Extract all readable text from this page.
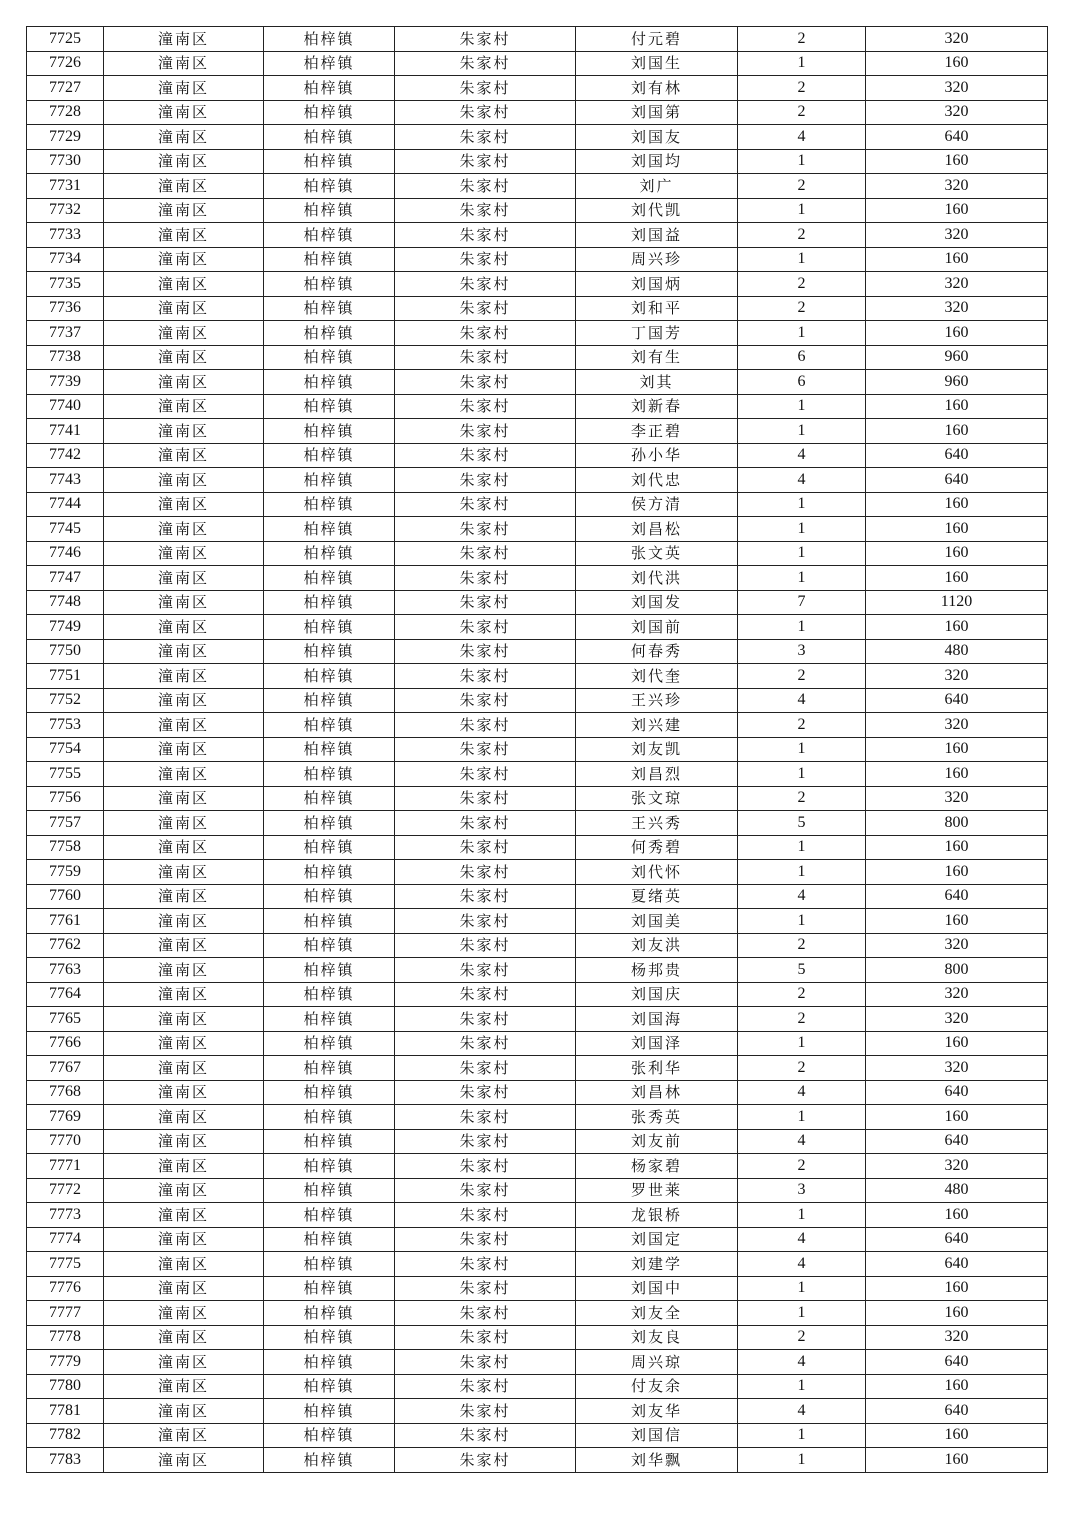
7725	潼南区	柏梓镇	朱家村	付元碧	2	320
7726	潼南区	柏梓镇	朱家村	刘国生	1	160
7727	潼南区	柏梓镇	朱家村	刘有林	2	320
7728	潼南区	柏梓镇	朱家村	刘国第	2	320
7729	潼南区	柏梓镇	朱家村	刘国友	4	640
7730	潼南区	柏梓镇	朱家村	刘国均	1	160
7731	潼南区	柏梓镇	朱家村	刘广	2	320
7732	潼南区	柏梓镇	朱家村	刘代凯	1	160
7733	潼南区	柏梓镇	朱家村	刘国益	2	320
7734	潼南区	柏梓镇	朱家村	周兴珍	1	160
7735	潼南区	柏梓镇	朱家村	刘国炳	2	320
7736	潼南区	柏梓镇	朱家村	刘和平	2	320
7737	潼南区	柏梓镇	朱家村	丁国芳	1	160
7738	潼南区	柏梓镇	朱家村	刘有生	6	960
7739	潼南区	柏梓镇	朱家村	刘其	6	960
7740	潼南区	柏梓镇	朱家村	刘新春	1	160
7741	潼南区	柏梓镇	朱家村	李正碧	1	160
7742	潼南区	柏梓镇	朱家村	孙小华	4	640
7743	潼南区	柏梓镇	朱家村	刘代忠	4	640
7744	潼南区	柏梓镇	朱家村	侯方清	1	160
7745	潼南区	柏梓镇	朱家村	刘昌松	1	160
7746	潼南区	柏梓镇	朱家村	张文英	1	160
7747	潼南区	柏梓镇	朱家村	刘代洪	1	160
7748	潼南区	柏梓镇	朱家村	刘国发	7	1120
7749	潼南区	柏梓镇	朱家村	刘国前	1	160
7750	潼南区	柏梓镇	朱家村	何春秀	3	480
7751	潼南区	柏梓镇	朱家村	刘代奎	2	320
7752	潼南区	柏梓镇	朱家村	王兴珍	4	640
7753	潼南区	柏梓镇	朱家村	刘兴建	2	320
7754	潼南区	柏梓镇	朱家村	刘友凯	1	160
7755	潼南区	柏梓镇	朱家村	刘昌烈	1	160
7756	潼南区	柏梓镇	朱家村	张文琼	2	320
7757	潼南区	柏梓镇	朱家村	王兴秀	5	800
7758	潼南区	柏梓镇	朱家村	何秀碧	1	160
7759	潼南区	柏梓镇	朱家村	刘代怀	1	160
7760	潼南区	柏梓镇	朱家村	夏绪英	4	640
7761	潼南区	柏梓镇	朱家村	刘国美	1	160
7762	潼南区	柏梓镇	朱家村	刘友洪	2	320
7763	潼南区	柏梓镇	朱家村	杨邦贵	5	800
7764	潼南区	柏梓镇	朱家村	刘国庆	2	320
7765	潼南区	柏梓镇	朱家村	刘国海	2	320
7766	潼南区	柏梓镇	朱家村	刘国泽	1	160
7767	潼南区	柏梓镇	朱家村	张利华	2	320
7768	潼南区	柏梓镇	朱家村	刘昌林	4	640
7769	潼南区	柏梓镇	朱家村	张秀英	1	160
7770	潼南区	柏梓镇	朱家村	刘友前	4	640
7771	潼南区	柏梓镇	朱家村	杨家碧	2	320
7772	潼南区	柏梓镇	朱家村	罗世莱	3	480
7773	潼南区	柏梓镇	朱家村	龙银桥	1	160
7774	潼南区	柏梓镇	朱家村	刘国定	4	640
7775	潼南区	柏梓镇	朱家村	刘建学	4	640
7776	潼南区	柏梓镇	朱家村	刘国中	1	160
7777	潼南区	柏梓镇	朱家村	刘友全	1	160
7778	潼南区	柏梓镇	朱家村	刘友良	2	320
7779	潼南区	柏梓镇	朱家村	周兴琼	4	640
7780	潼南区	柏梓镇	朱家村	付友余	1	160
7781	潼南区	柏梓镇	朱家村	刘友华	4	640
7782	潼南区	柏梓镇	朱家村	刘国信	1	160
7783	潼南区	柏梓镇	朱家村	刘华飘	1	160
